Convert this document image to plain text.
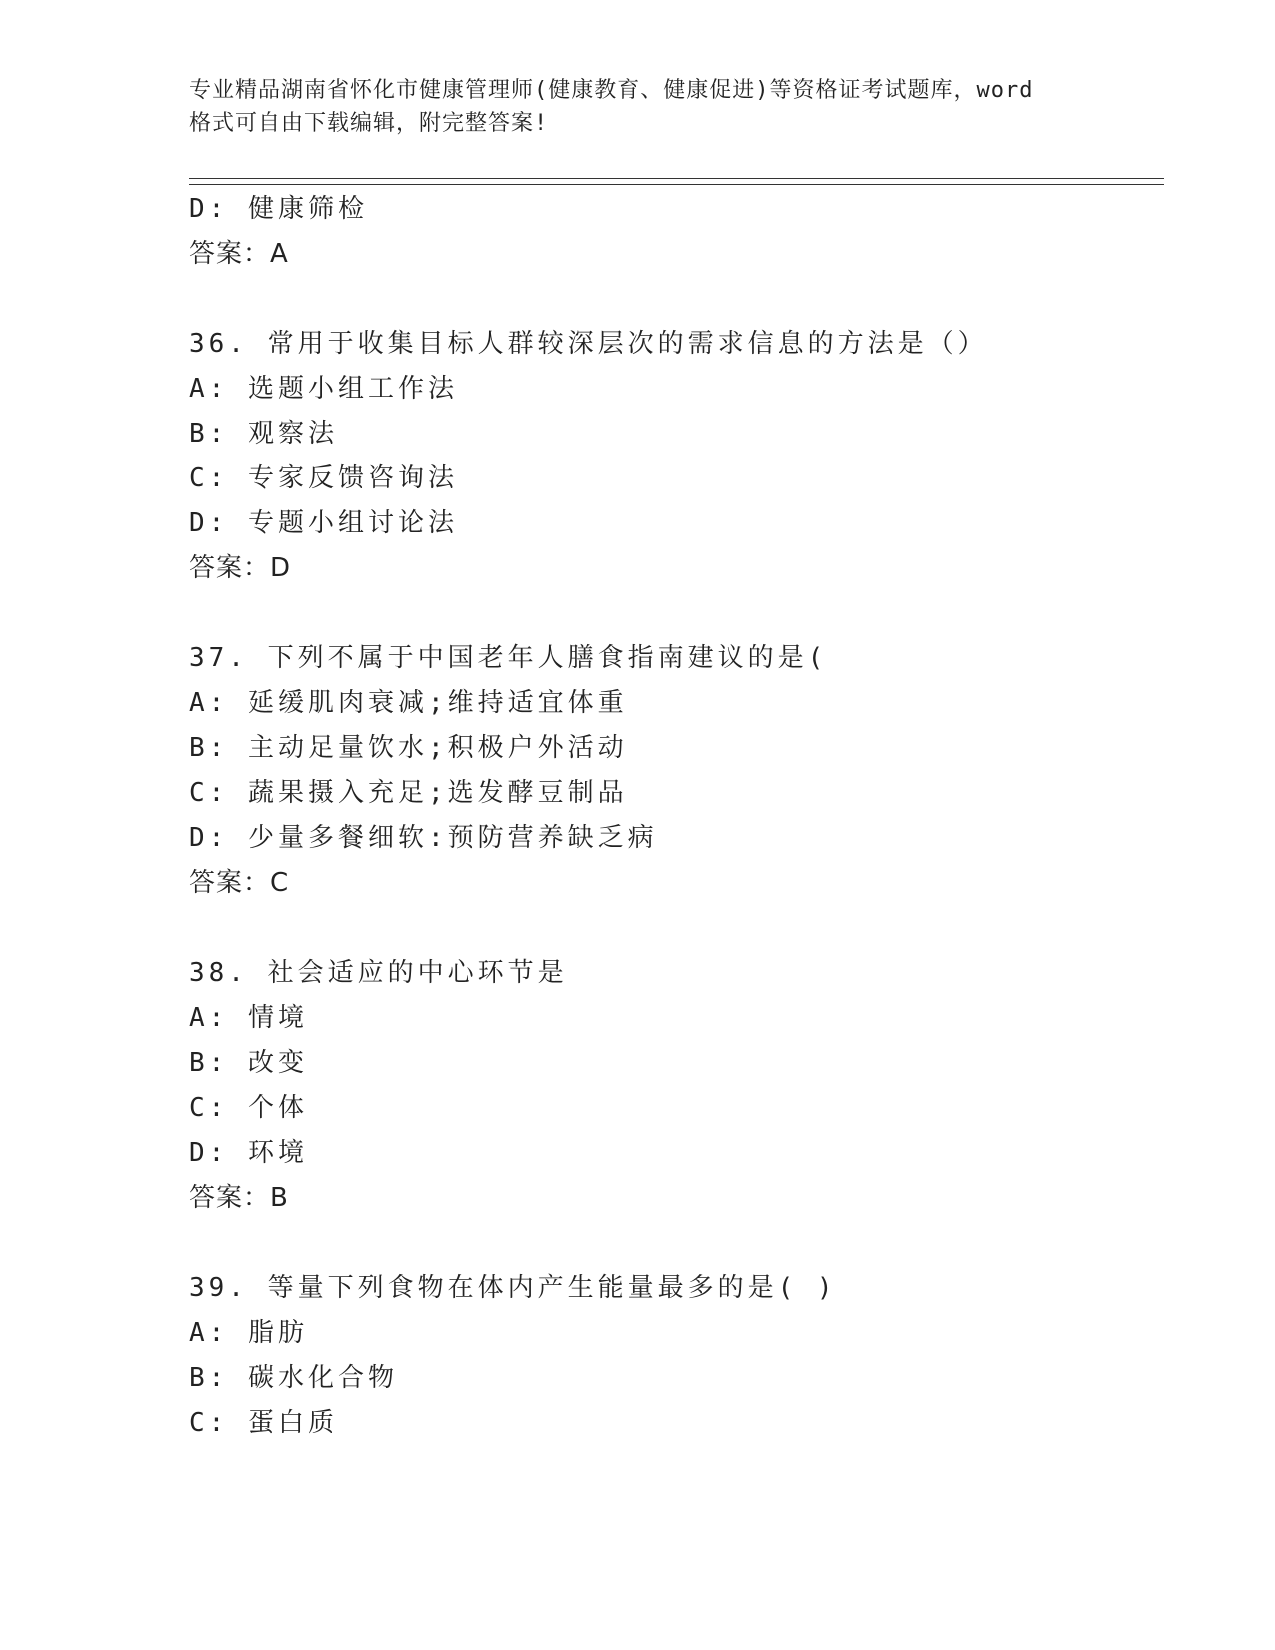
专业精品湖南省怀化市健康管理师(健康教育、健康促进)等资格证考试题库，word
格式可自由下载编辑，附完整答案!
D: 健康筛检
答案：A
36. 常用于收集目标人群较深层次的需求信息的方法是（）
A: 选题小组工作法
B: 观察法
C: 专家反馈咨询法
D: 专题小组讨论法
答案：D
37. 下列不属于中国老年人膳食指南建议的是(
A: 延缓肌肉衰减;维持适宜体重
B: 主动足量饮水;积极户外活动
C: 蔬果摄入充足;选发酵豆制品
D: 少量多餐细软:预防营养缺乏病
答案：C
38. 社会适应的中心环节是
A: 情境
B: 改变
C: 个体
D: 环境
答案：B
39. 等量下列食物在体内产生能量最多的是( )
A: 脂肪
B: 碳水化合物
C: 蛋白质
